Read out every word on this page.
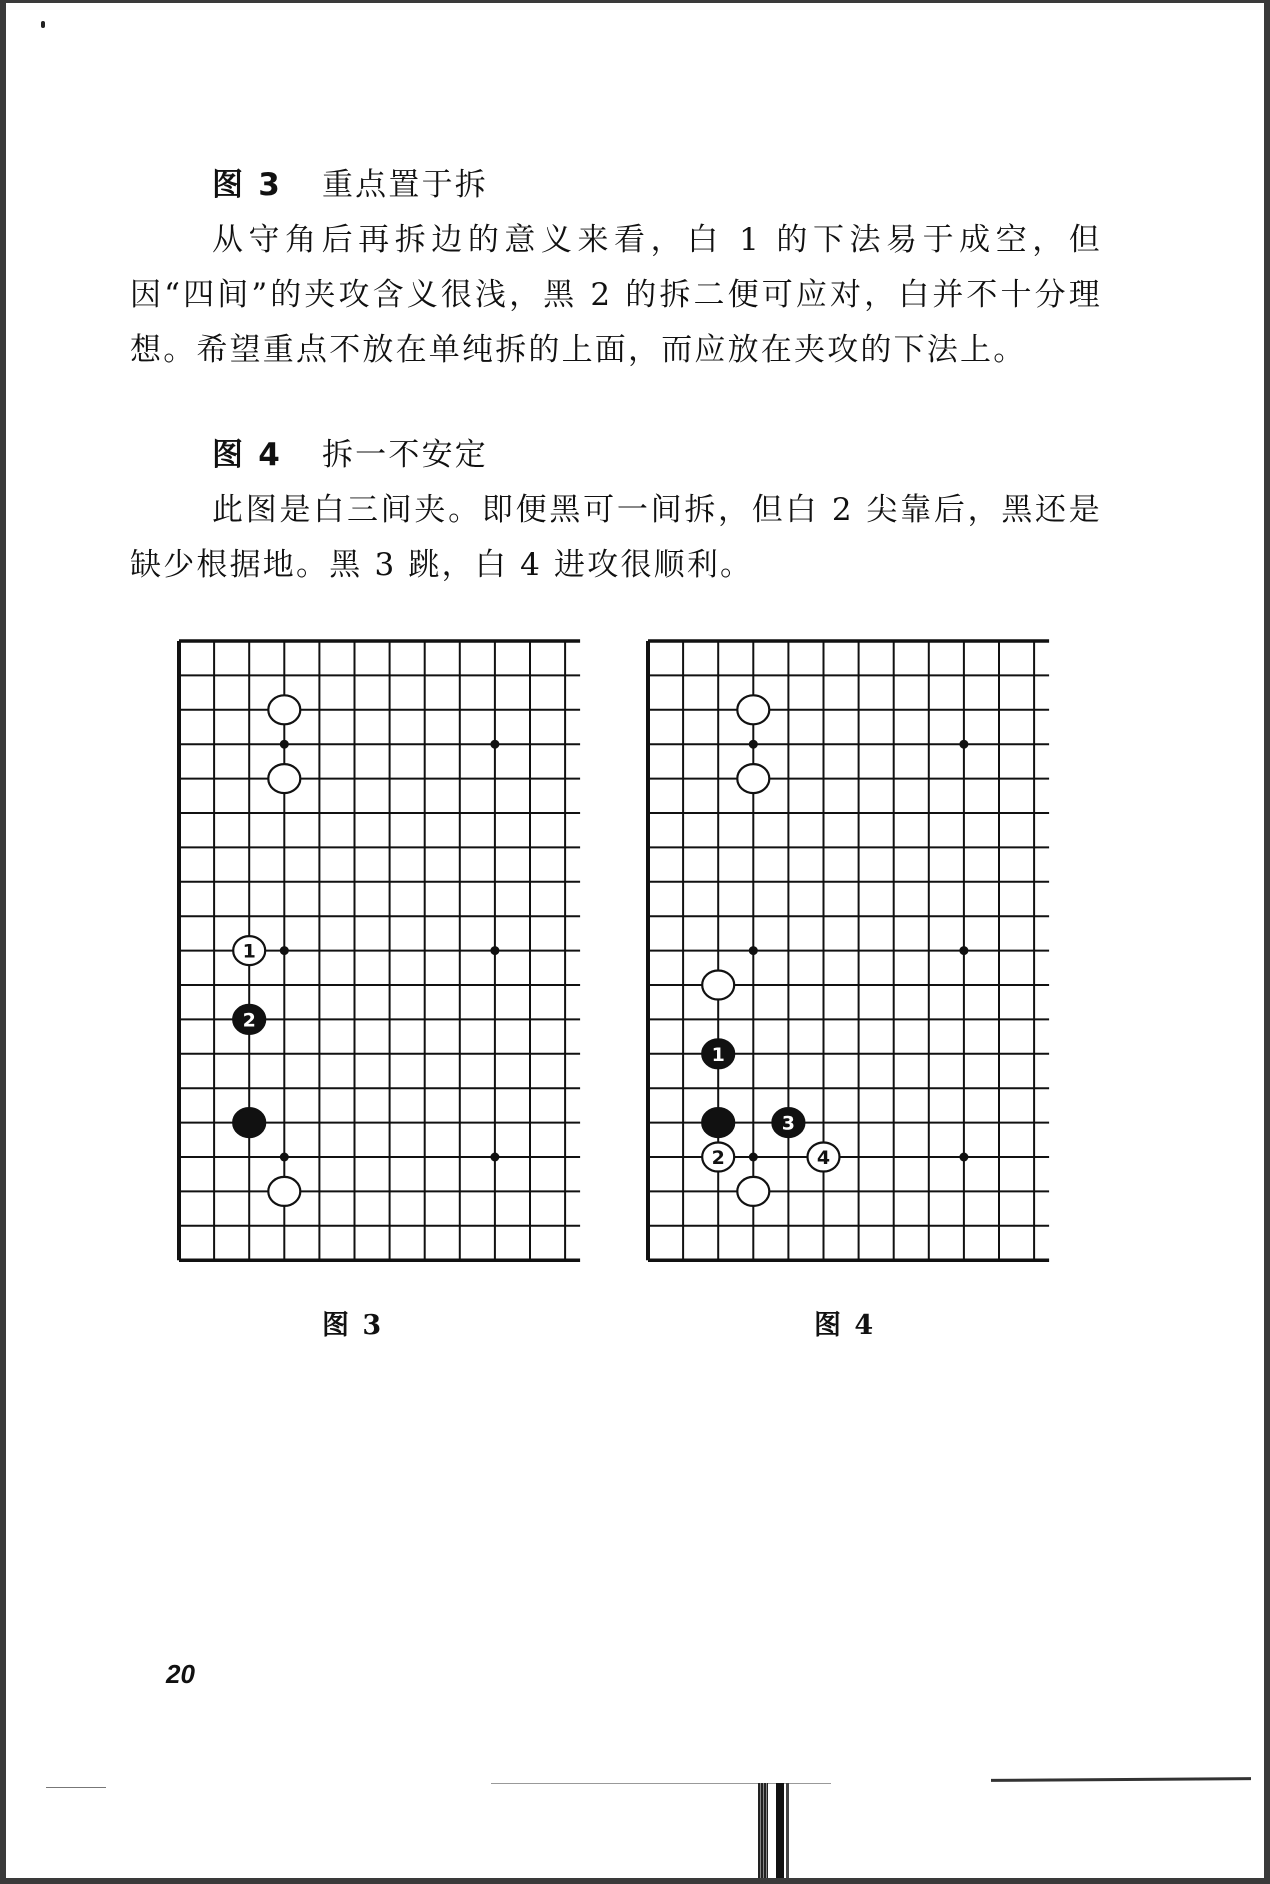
图 3 重点置于拆

从守角后再拆边的意义来看，白 1 的下法易于成空，但因“四间”的夹攻含义很浅，黑 2 的拆二便可应对，白并不十分理想。希望重点不放在单纯拆的上面，而应放在夹攻的下法上。

图 4 拆一不安定

此图是白三间夹。即便黑可一间拆，但白 2 尖靠后，黑还是缺少根据地。黑 3 跳，白 4 进攻很顺利。

1
2
图 3
1
3
2	4
图 4
20
